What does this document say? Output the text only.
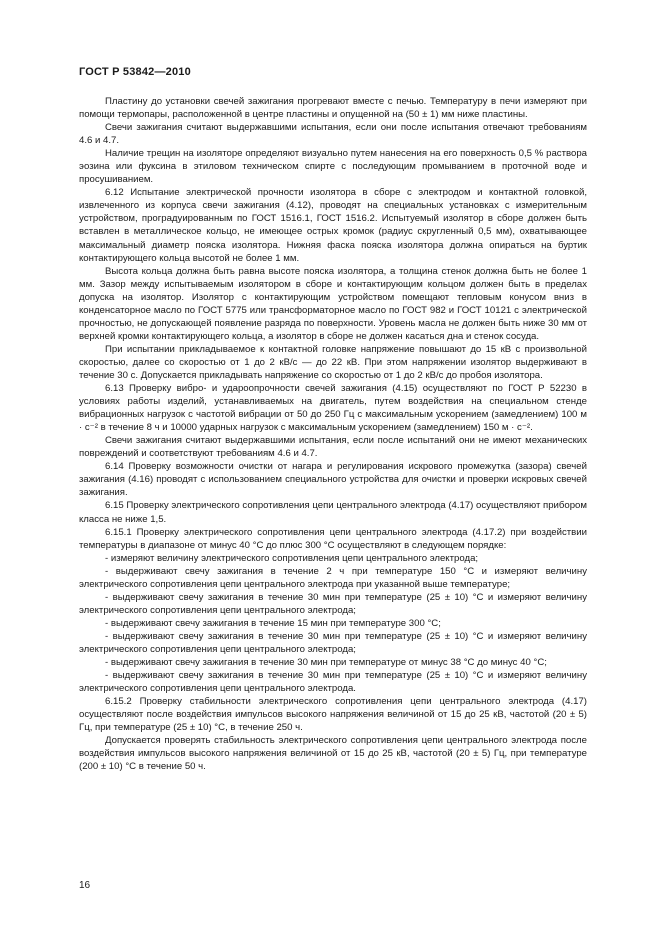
ГОСТ Р 53842—2010

Пластину до установки свечей зажигания прогревают вместе с печью. Температуру в печи измеряют при помощи термопары, расположенной в центре пластины и опущенной на (50 ± 1) мм ниже пластины.

Свечи зажигания считают выдержавшими испытания, если они после испытания отвечают требованиям 4.6 и 4.7.

Наличие трещин на изоляторе определяют визуально путем нанесения на его поверхность 0,5 % раствора эозина или фуксина в этиловом техническом спирте с последующим промыванием в проточной воде и просушиванием.

6.12 Испытание электрической прочности изолятора в сборе с электродом и контактной головкой, извлеченного из корпуса свечи зажигания (4.12), проводят на специальных установках с измерительным устройством, проградуированным по ГОСТ 1516.1, ГОСТ 1516.2. Испытуемый изолятор в сборе должен быть вставлен в металлическое кольцо, не имеющее острых кромок (радиус скругленный 0,5 мм), охватывающее максимальный диаметр пояска изолятора. Нижняя фаска пояска изолятора должна опираться на буртик контактирующего кольца высотой не более 1 мм.

Высота кольца должна быть равна высоте пояска изолятора, а толщина стенок должна быть не более 1 мм. Зазор между испытываемым изолятором в сборе и контактирующим кольцом должен быть в пределах допуска на изолятор. Изолятор с контактирующим устройством помещают тепловым конусом вниз в конденсаторное масло по ГОСТ 5775 или трансформаторное масло по ГОСТ 982 и ГОСТ 10121 с электрической прочностью, не допускающей появление разряда по поверхности. Уровень масла не должен быть ниже 30 мм от верхней кромки контактирующего кольца, а изолятор в сборе не должен касаться дна и стенок сосуда.

При испытании прикладываемое к контактной головке напряжение повышают до 15 кВ с произвольной скоростью, далее со скоростью от 1 до 2 кВ/с — до 22 кВ. При этом напряжении изолятор выдерживают в течение 30 с. Допускается прикладывать напряжение со скоростью от 1 до 2 кВ/с до пробоя изолятора.

6.13 Проверку вибро- и удароопрочности свечей зажигания (4.15) осуществляют по ГОСТ Р 52230 в условиях работы изделий, устанавливаемых на двигатель, путем воздействия на специальном стенде вибрационных нагрузок с частотой вибрации от 50 до 250 Гц с максимальным ускорением (замедлением) 100 м · с⁻² в течение 8 ч и 10000 ударных нагрузок с максимальным ускорением (замедлением) 150 м · с⁻².

Свечи зажигания считают выдержавшими испытания, если после испытаний они не имеют механических повреждений и соответствуют требованиям 4.6 и 4.7.

6.14 Проверку возможности очистки от нагара и регулирования искрового промежутка (зазора) свечей зажигания (4.16) проводят с использованием специального устройства для очистки и проверки искровых свечей зажигания.

6.15 Проверку электрического сопротивления цепи центрального электрода (4.17) осуществляют прибором класса не ниже 1,5.

6.15.1 Проверку электрического сопротивления цепи центрального электрода (4.17.2) при воздействии температуры в диапазоне от минус 40 °С до плюс 300 °С осуществляют в следующем порядке:

- измеряют величину электрического сопротивления цепи центрального электрода;

- выдерживают свечу зажигания в течение 2 ч при температуре 150 °С и измеряют величину электрического сопротивления цепи центрального электрода при указанной выше температуре;

- выдерживают свечу зажигания в течение 30 мин при температуре (25 ± 10) °С и измеряют величину электрического сопротивления цепи центрального электрода;

- выдерживают свечу зажигания в течение 15 мин при температуре 300 °С;

- выдерживают свечу зажигания в течение 30 мин при температуре (25 ± 10) °С и измеряют величину электрического сопротивления цепи центрального электрода;

- выдерживают свечу зажигания в течение 30 мин при температуре от минус 38 °С до минус 40 °С;

- выдерживают свечу зажигания в течение 30 мин при температуре (25 ± 10) °С и измеряют величину электрического сопротивления цепи центрального электрода.

6.15.2 Проверку стабильности электрического сопротивления цепи центрального электрода (4.17) осуществляют после воздействия импульсов высокого напряжения величиной от 15 до 25 кВ, частотой (20 ± 5) Гц, при температуре (25 ± 10) °С, в течение 250 ч.

Допускается проверять стабильность электрического сопротивления цепи центрального электрода после воздействия импульсов высокого напряжения величиной от 15 до 25 кВ, частотой (20 ± 5) Гц, при температуре (200 ± 10) °С в течение 50 ч.

16
